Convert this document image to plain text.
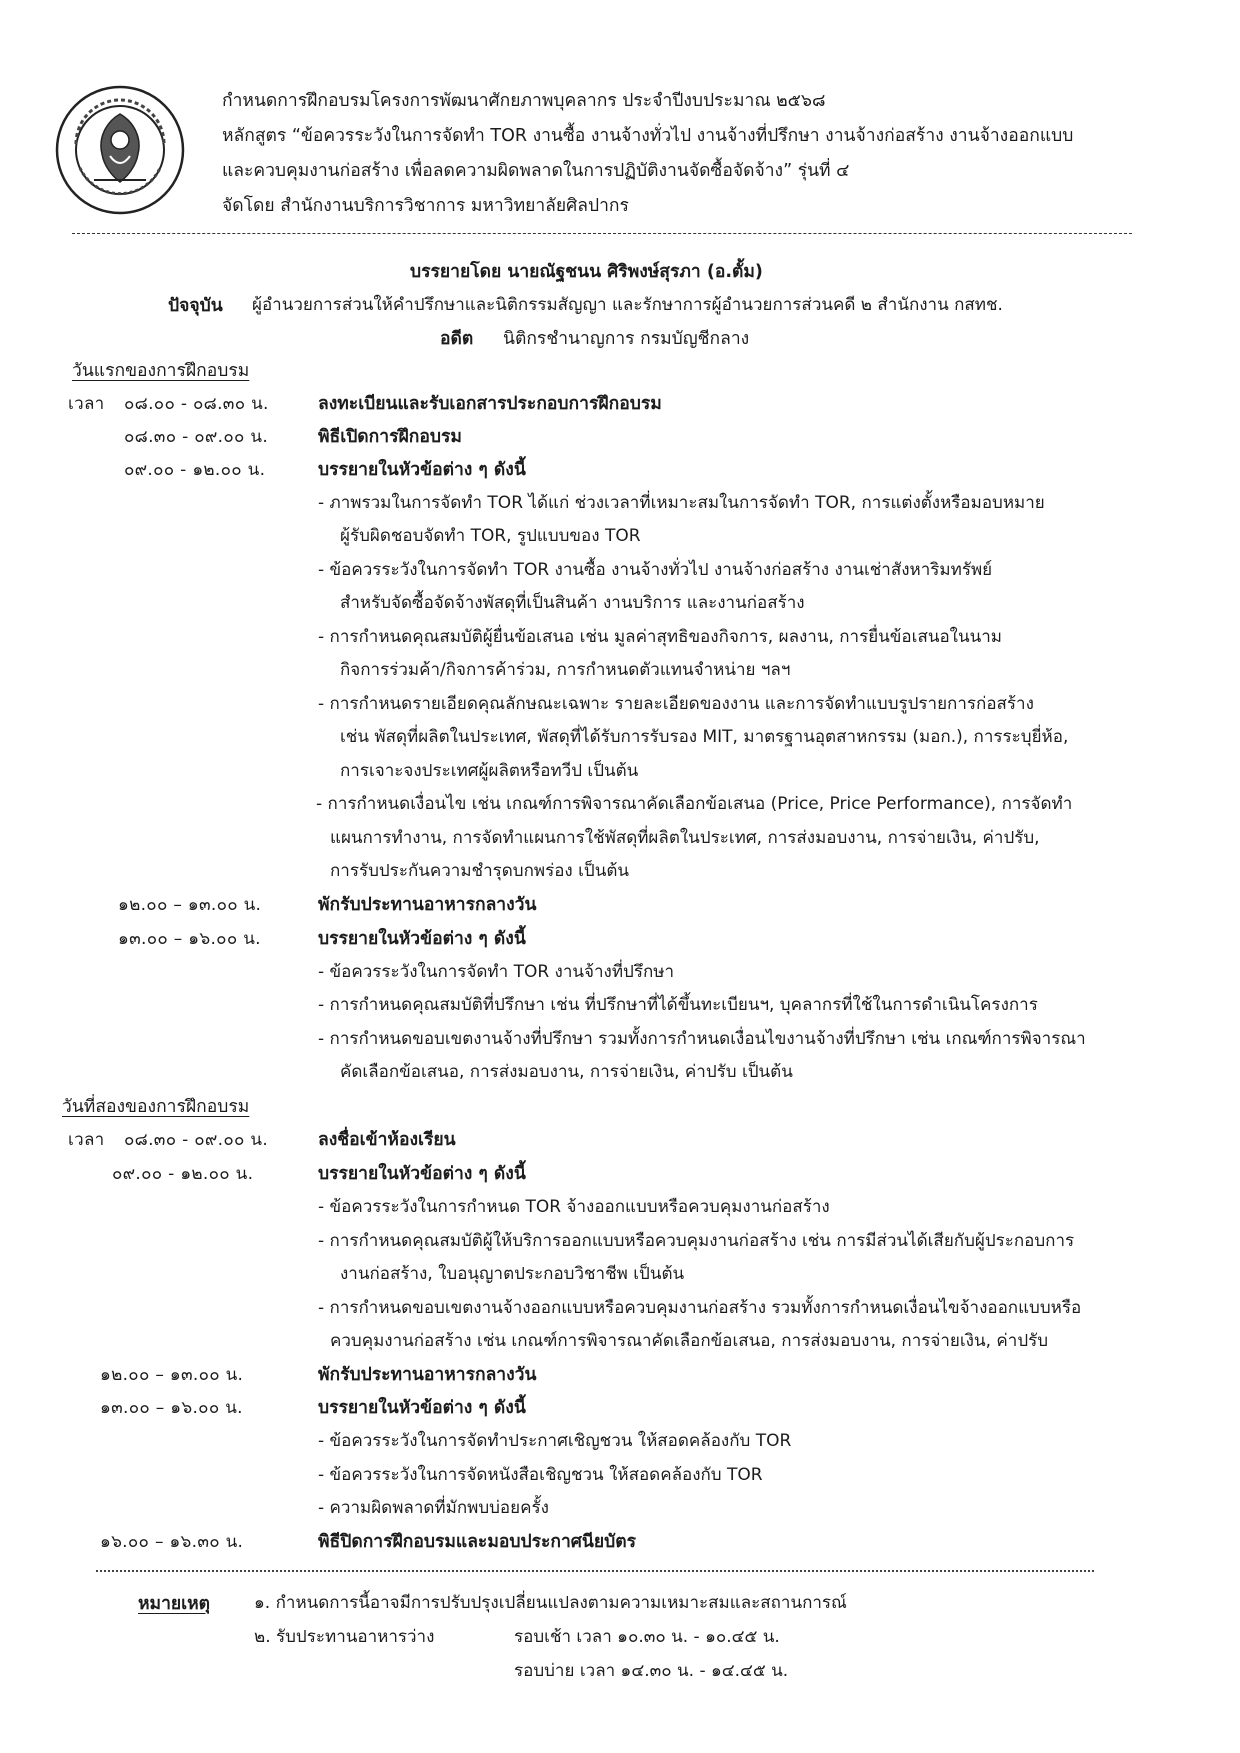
กำหนดการฝึกอบรมโครงการพัฒนาศักยภาพบุคลากร ประจำปีงบประมาณ ๒๕๖๘
หลักสูตร “ข้อควรระวังในการจัดทำ TOR งานซื้อ งานจ้างทั่วไป งานจ้างที่ปรึกษา งานจ้างก่อสร้าง งานจ้างออกแบบ
และควบคุมงานก่อสร้าง เพื่อลดความผิดพลาดในการปฏิบัติงานจัดซื้อจัดจ้าง” รุ่นที่ ๔
จัดโดย สำนักงานบริการวิชาการ มหาวิทยาลัยศิลปากร
บรรยายโดย นายณัฐชนน ศิริพงษ์สุรภา (อ.ตั้ม)
ปัจจุบัน ผู้อำนวยการส่วนให้คำปรึกษาและนิติกรรมสัญญา และรักษาการผู้อำนวยการส่วนคดี ๒ สำนักงาน กสทช.
อดีต นิติกรชำนาญการ กรมบัญชีกลาง
วันแรกของการฝึกอบรม
เวลา ๐๘.๐๐ - ๐๘.๓๐ น.	ลงทะเบียนและรับเอกสารประกอบการฝึกอบรม
๐๘.๓๐ - ๐๙.๐๐ น.	พิธีเปิดการฝึกอบรม
๐๙.๐๐ - ๑๒.๐๐ น.	บรรยายในหัวข้อต่าง ๆ ดังนี้
- ภาพรวมในการจัดทำ TOR ได้แก่ ช่วงเวลาที่เหมาะสมในการจัดทำ TOR, การแต่งตั้งหรือมอบหมาย
ผู้รับผิดชอบจัดทำ TOR, รูปแบบของ TOR
- ข้อควรระวังในการจัดทำ TOR งานซื้อ งานจ้างทั่วไป งานจ้างก่อสร้าง งานเช่าสังหาริมทรัพย์
สำหรับจัดซื้อจัดจ้างพัสดุที่เป็นสินค้า งานบริการ และงานก่อสร้าง
- การกำหนดคุณสมบัติผู้ยื่นข้อเสนอ เช่น มูลค่าสุทธิของกิจการ, ผลงาน, การยื่นข้อเสนอในนาม
กิจการร่วมค้า/กิจการค้าร่วม, การกำหนดตัวแทนจำหน่าย ฯลฯ
- การกำหนดรายเอียดคุณลักษณะเฉพาะ รายละเอียดของงาน และการจัดทำแบบรูปรายการก่อสร้าง
เช่น พัสดุที่ผลิตในประเทศ, พัสดุที่ได้รับการรับรอง MIT, มาตรฐานอุตสาหกรรม (มอก.), การระบุยี่ห้อ,
การเจาะจงประเทศผู้ผลิตหรือทวีป เป็นต้น
- การกำหนดเงื่อนไข เช่น เกณฑ์การพิจารณาคัดเลือกข้อเสนอ (Price, Price Performance), การจัดทำ
แผนการทำงาน, การจัดทำแผนการใช้พัสดุที่ผลิตในประเทศ, การส่งมอบงาน, การจ่ายเงิน, ค่าปรับ,
การรับประกันความชำรุดบกพร่อง เป็นต้น
๑๒.๐๐ – ๑๓.๐๐ น.	พักรับประทานอาหารกลางวัน
๑๓.๐๐ – ๑๖.๐๐ น.	บรรยายในหัวข้อต่าง ๆ ดังนี้
- ข้อควรระวังในการจัดทำ TOR งานจ้างที่ปรึกษา
- การกำหนดคุณสมบัติที่ปรึกษา เช่น ที่ปรึกษาที่ได้ขึ้นทะเบียนฯ, บุคลากรที่ใช้ในการดำเนินโครงการ
- การกำหนดขอบเขตงานจ้างที่ปรึกษา รวมทั้งการกำหนดเงื่อนไขงานจ้างที่ปรึกษา เช่น เกณฑ์การพิจารณา
คัดเลือกข้อเสนอ, การส่งมอบงาน, การจ่ายเงิน, ค่าปรับ เป็นต้น
วันที่สองของการฝึกอบรม
เวลา ๐๘.๓๐ - ๐๙.๐๐ น.	ลงชื่อเข้าห้องเรียน
๐๙.๐๐ - ๑๒.๐๐ น.	บรรยายในหัวข้อต่าง ๆ ดังนี้
- ข้อควรระวังในการกำหนด TOR จ้างออกแบบหรือควบคุมงานก่อสร้าง
- การกำหนดคุณสมบัติผู้ให้บริการออกแบบหรือควบคุมงานก่อสร้าง เช่น การมีส่วนได้เสียกับผู้ประกอบการ
งานก่อสร้าง, ใบอนุญาตประกอบวิชาชีพ เป็นต้น
- การกำหนดขอบเขตงานจ้างออกแบบหรือควบคุมงานก่อสร้าง รวมทั้งการกำหนดเงื่อนไขจ้างออกแบบหรือ
ควบคุมงานก่อสร้าง เช่น เกณฑ์การพิจารณาคัดเลือกข้อเสนอ, การส่งมอบงาน, การจ่ายเงิน, ค่าปรับ
๑๒.๐๐ – ๑๓.๐๐ น.	พักรับประทานอาหารกลางวัน
๑๓.๐๐ – ๑๖.๐๐ น.	บรรยายในหัวข้อต่าง ๆ ดังนี้
- ข้อควรระวังในการจัดทำประกาศเชิญชวน ให้สอดคล้องกับ TOR
- ข้อควรระวังในการจัดหนังสือเชิญชวน ให้สอดคล้องกับ TOR
- ความผิดพลาดที่มักพบบ่อยครั้ง
๑๖.๐๐ – ๑๖.๓๐ น.	พิธีปิดการฝึกอบรมและมอบประกาศนียบัตร
หมายเหตุ	๑. กำหนดการนี้อาจมีการปรับปรุงเปลี่ยนแปลงตามความเหมาะสมและสถานการณ์
๒. รับประทานอาหารว่าง	รอบเช้า เวลา ๑๐.๓๐ น. - ๑๐.๔๕ น.
รอบบ่าย เวลา ๑๔.๓๐ น. - ๑๔.๔๕ น.
